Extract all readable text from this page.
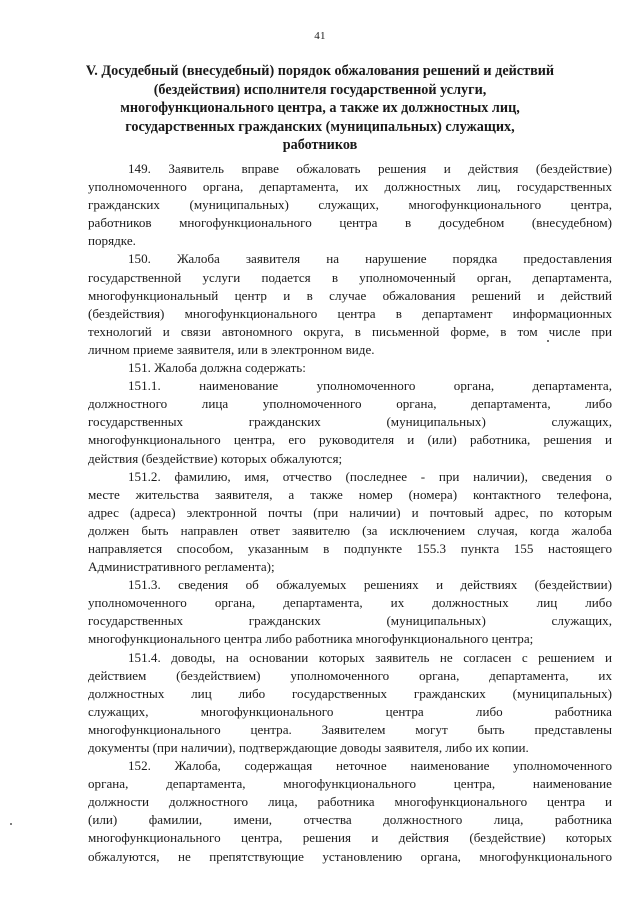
41
V. Досудебный (внесудебный) порядок обжалования решений и действий
(бездействия) исполнителя государственной услуги,
многофункционального центра, а также их должностных лиц,
государственных гражданских (муниципальных) служащих,
работников
149. Заявитель вправе обжаловать решения и действия (бездействие)
уполномоченного органа, департамента, их должностных лиц, государственных
гражданских (муниципальных) служащих, многофункционального центра,
работников многофункционального центра в досудебном (внесудебном)
порядке.
150. Жалоба заявителя на нарушение порядка предоставления
государственной услуги подается в уполномоченный орган, департамента,
многофункциональный центр и в случае обжалования решений и действий
(бездействия) многофункционального центра в департамент информационных
технологий и связи автономного округа, в письменной форме, в том числе при
личном приеме заявителя, или в электронном виде.
151. Жалоба должна содержать:
151.1. наименование уполномоченного органа, департамента,
должностного лица уполномоченного органа, департамента, либо
государственных гражданских (муниципальных) служащих,
многофункционального центра, его руководителя и (или) работника, решения и
действия (бездействие) которых обжалуются;
151.2. фамилию, имя, отчество (последнее - при наличии), сведения о
месте жительства заявителя, а также номер (номера) контактного телефона,
адрес (адреса) электронной почты (при наличии) и почтовый адрес, по которым
должен быть направлен ответ заявителю (за исключением случая, когда жалоба
направляется способом, указанным в подпункте 155.3 пункта 155 настоящего
Административного регламента);
151.3. сведения об обжалуемых решениях и действиях (бездействии)
уполномоченного органа, департамента, их должностных лиц либо
государственных гражданских (муниципальных) служащих,
многофункционального центра либо работника многофункционального центра;
151.4. доводы, на основании которых заявитель не согласен с решением и
действием (бездействием) уполномоченного органа, департамента, их
должностных лиц либо государственных гражданских (муниципальных)
служащих, многофункционального центра либо работника
многофункционального центра. Заявителем могут быть представлены
документы (при наличии), подтверждающие доводы заявителя, либо их копии.
152. Жалоба, содержащая неточное наименование уполномоченного
органа, департамента, многофункционального центра, наименование
должности должностного лица, работника многофункционального центра и
(или) фамилии, имени, отчества должностного лица, работника
многофункционального центра, решения и действия (бездействие) которых
обжалуются, не препятствующие установлению органа, многофункционального
